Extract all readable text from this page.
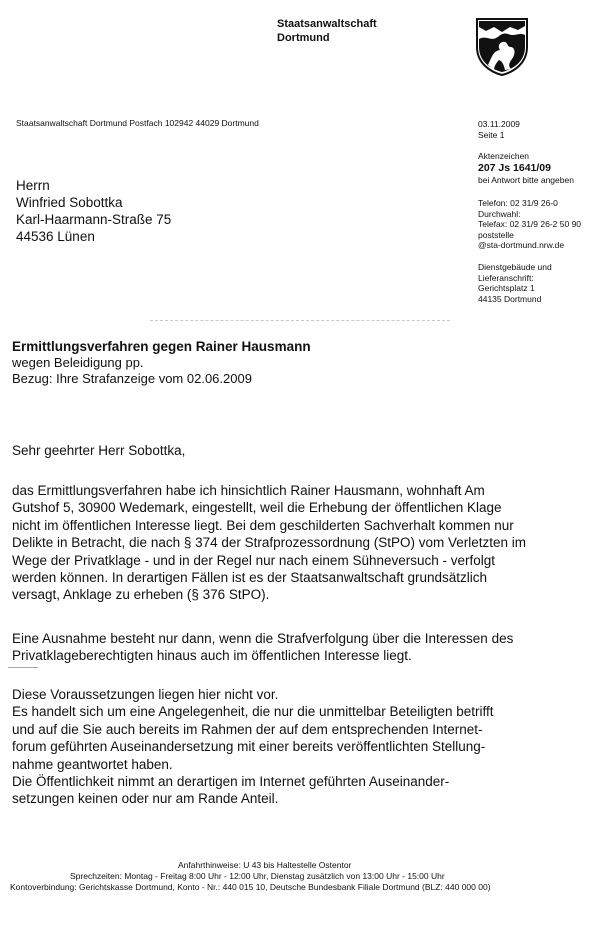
Staatsanwaltschaft
Dortmund
Staatsanwaltschaft Dortmund Postfach 102942 44029 Dortmund	03.11.2009
Seite 1
Aktenzeichen
207 Js 1641/09
bei Antwort bitte angeben
Telefon: 02 31/9 26-0
Durchwahl:
Telefax: 02 31/9 26-2 50 90
poststelle
@sta-dortmund.nrw.de
Dienstgebäude und
Lieferanschrift:
Gerichtsplatz 1
44135 Dortmund
Herrn
Winfried Sobottka
Karl-Haarmann-Straße 75
44536 Lünen
Ermittlungsverfahren gegen Rainer Hausmann
wegen Beleidigung pp.
Bezug: Ihre Strafanzeige vom 02.06.2009
Sehr geehrter Herr Sobottka,
das Ermittlungsverfahren habe ich hinsichtlich Rainer Hausmann, wohnhaft Am
Gutshof 5, 30900 Wedemark, eingestellt, weil die Erhebung der öffentlichen Klage
nicht im öffentlichen Interesse liegt. Bei dem geschilderten Sachverhalt kommen nur
Delikte in Betracht, die nach § 374 der Strafprozessordnung (StPO) vom Verletzten im
Wege der Privatklage - und in der Regel nur nach einem Sühneversuch - verfolgt
werden können. In derartigen Fällen ist es der Staatsanwaltschaft grundsätzlich
versagt, Anklage zu erheben (§ 376 StPO).
Eine Ausnahme besteht nur dann, wenn die Strafverfolgung über die Interessen des
Privatklageberechtigten hinaus auch im öffentlichen Interesse liegt.
Diese Voraussetzungen liegen hier nicht vor.
Es handelt sich um eine Angelegenheit, die nur die unmittelbar Beteiligten betrifft
und auf die Sie auch bereits im Rahmen der auf dem entsprechenden Internet-
forum geführten Auseinandersetzung mit einer bereits veröffentlichten Stellung-
nahme geantwortet haben.
Die Öffentlichkeit nimmt an derartigen im Internet geführten Auseinander-
setzungen keinen oder nur am Rande Anteil.
Anfahrthinweise: U 43 bis Haltestelle Ostentor
Sprechzeiten: Montag - Freitag 8:00 Uhr - 12:00 Uhr, Dienstag zusätzlich von 13:00 Uhr - 15:00 Uhr
Kontoverbindung: Gerichtskasse Dortmund, Konto - Nr.: 440 015 10, Deutsche Bundesbank Filiale Dortmund (BLZ: 440 000 00)
